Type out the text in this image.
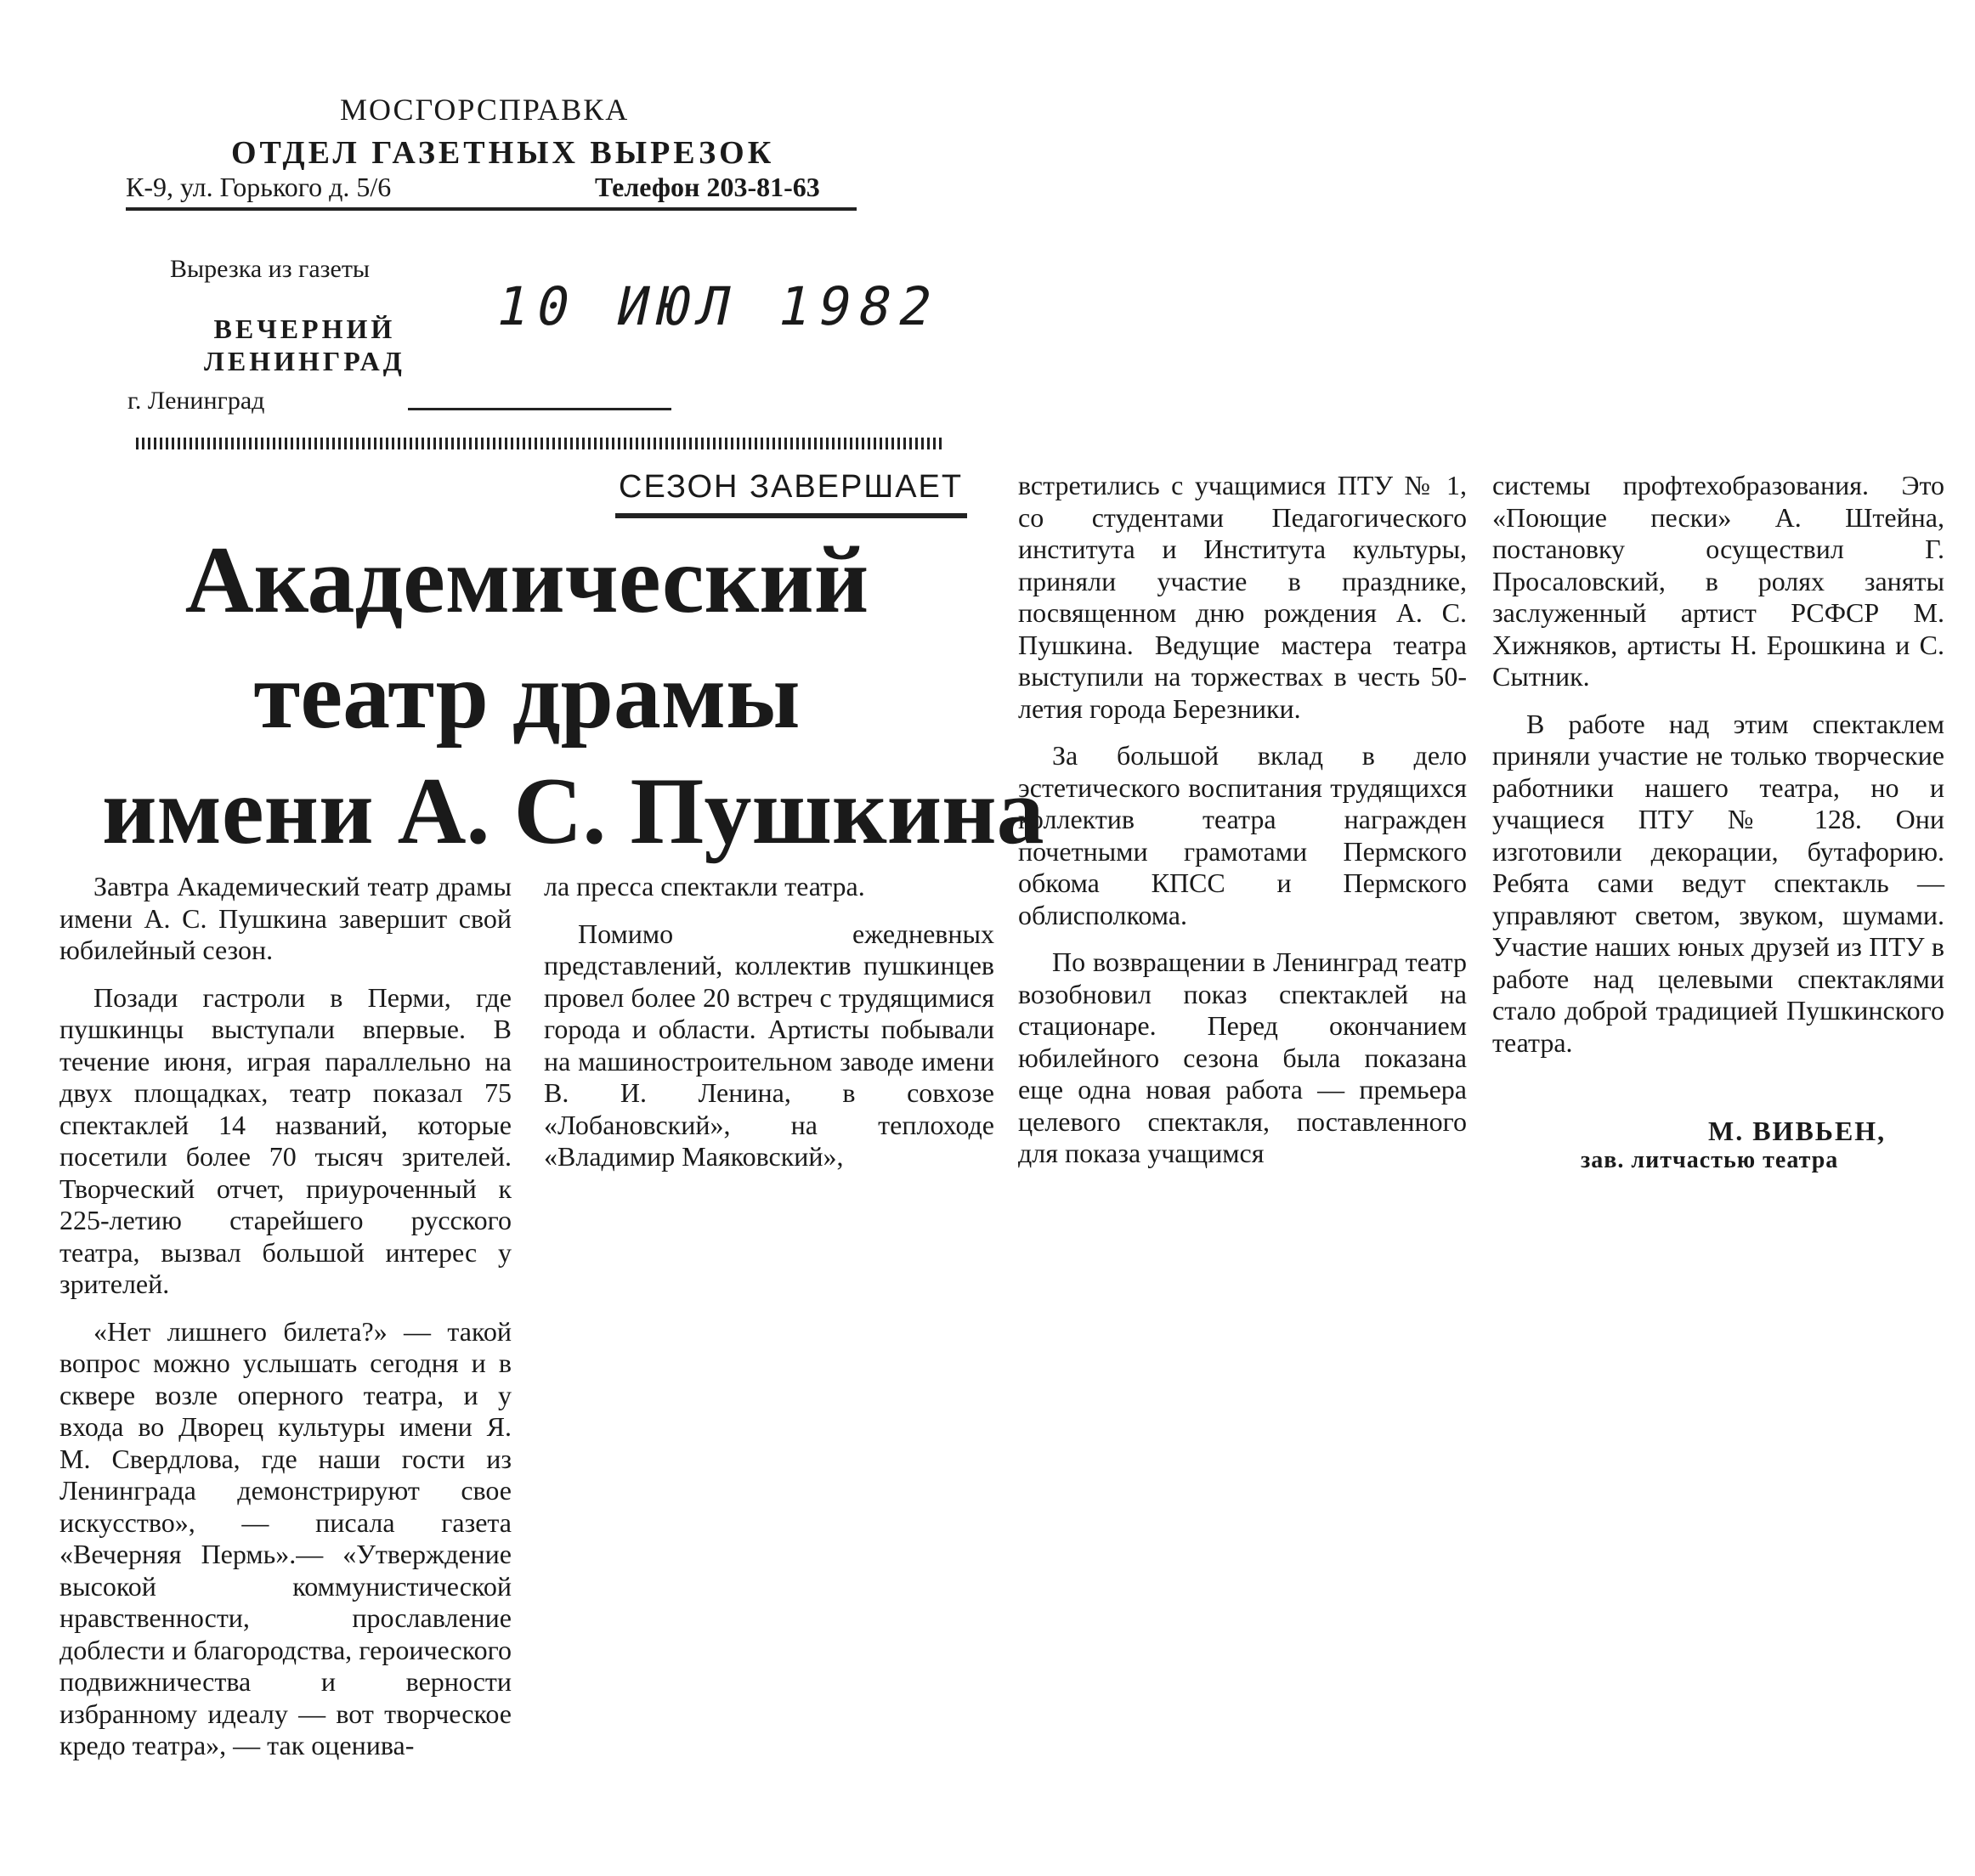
МОСГОРСПРАВКА
ОТДЕЛ ГАЗЕТНЫХ ВЫРЕЗОК
К-9, ул. Горького д. 5/6	Телефон 203-81-63
Вырезка из газеты
ВЕЧЕРНИЙ
ЛЕНИНГРАД
10 ИЮЛ 1982
г. Ленинград
СЕЗОН ЗАВЕРШАЕТ
Академический
театр драмы
имени А. С. Пушкина

Завтра Академический театр драмы имени А. С. Пушкина завершит свой юбилейный сезон.

Позади гастроли в Перми, где пушкинцы выступали впервые. В течение июня, играя параллельно на двух площадках, театр показал 75 спектаклей 14 названий, которые посетили более 70 тысяч зрителей. Творческий отчет, приуроченный к 225-летию старейшего русского театра, вызвал большой интерес у зрителей.

«Нет лишнего билета?» — такой вопрос можно услышать сегодня и в сквере возле оперного театра, и у входа во Дворец культуры имени Я. М. Свердлова, где наши гости из Ленинграда демонстрируют свое искусство», — писала газета «Вечерняя Пермь».— «Утверждение высокой коммунистической нравственности, прославление доблести и благородства, героического подвижничества и верности избранному идеалу — вот творческое кредо театра», — так оценива-

ла пресса спектакли театра.

Помимо ежедневных представлений, коллектив пушкинцев провел более 20 встреч с трудящимися города и области. Артисты побывали на машиностроительном заводе имени В. И. Ленина, в совхозе «Лобановский», на теплоходе «Владимир Маяковский»,

встретились с учащимися ПТУ № 1, со студентами Педагогического института и Института культуры, приняли участие в празднике, посвященном дню рождения А. С. Пушкина. Ведущие мастера театра выступили на торжествах в честь 50-летия города Березники.

За большой вклад в дело эстетического воспитания трудящихся коллектив театра награжден почетными грамотами Пермского обкома КПСС и Пермского облисполкома.

По возвращении в Ленинград театр возобновил показ спектаклей на стационаре. Перед окончанием юбилейного сезона была показана еще одна новая работа — премьера целевого спектакля, поставленного для показа учащимся

системы профтехобразования. Это «Поющие пески» А. Штейна, постановку осуществил Г. Просаловский, в ролях заняты заслуженный артист РСФСР М. Хижняков, артисты Н. Ерошкина и С. Сытник.

В работе над этим спектаклем приняли участие не только творческие работники нашего театра, но и учащиеся ПТУ № 128. Они изготовили декорации, бутафорию. Ребята сами ведут спектакль — управляют светом, звуком, шумами. Участие наших юных друзей из ПТУ в работе над целевыми спектаклями стало доброй традицией Пушкинского театра.

М. ВИВЬЕН,
зав. литчастью театра
